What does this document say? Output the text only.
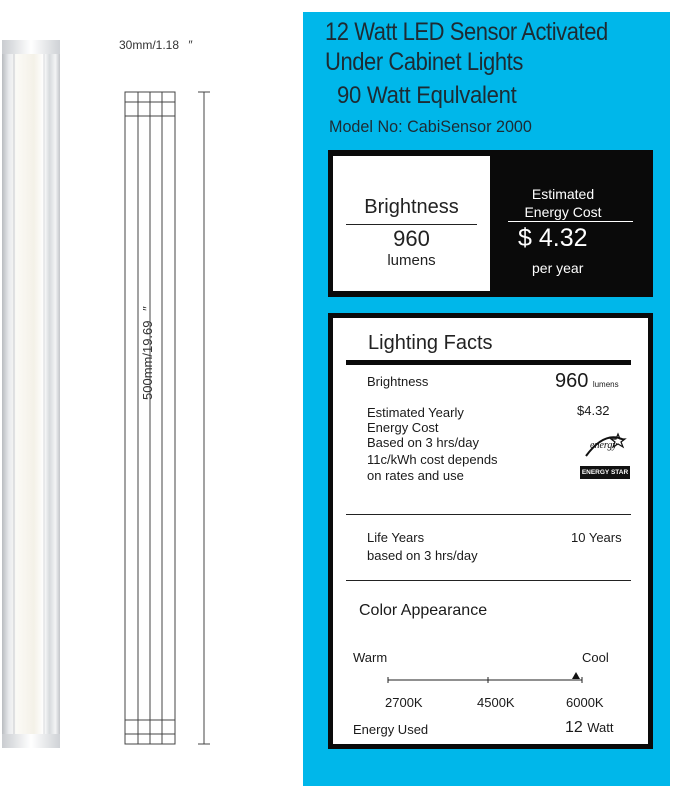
30mm/1.18 ″
500mm/19.69 ″
12 Watt LED Sensor Activated
Under Cabinet Lights
90 Watt Equlvalent
Model No: CabiSensor 2000
Brightness
960
lumens
Estimated
Energy Cost
$ 4.32
per year
Lighting Facts
Brightness	960 lumens
Estimated Yearly
Energy Cost
Based on 3 hrs/day
11c/kWh cost depends
on rates and use
$4.32
energy
ENERGY STAR
Life Years
based on 3 hrs/day
10 Years
Color Appearance
Warm	Cool
2700K	4500K	6000K
Energy Used	12 Watt
